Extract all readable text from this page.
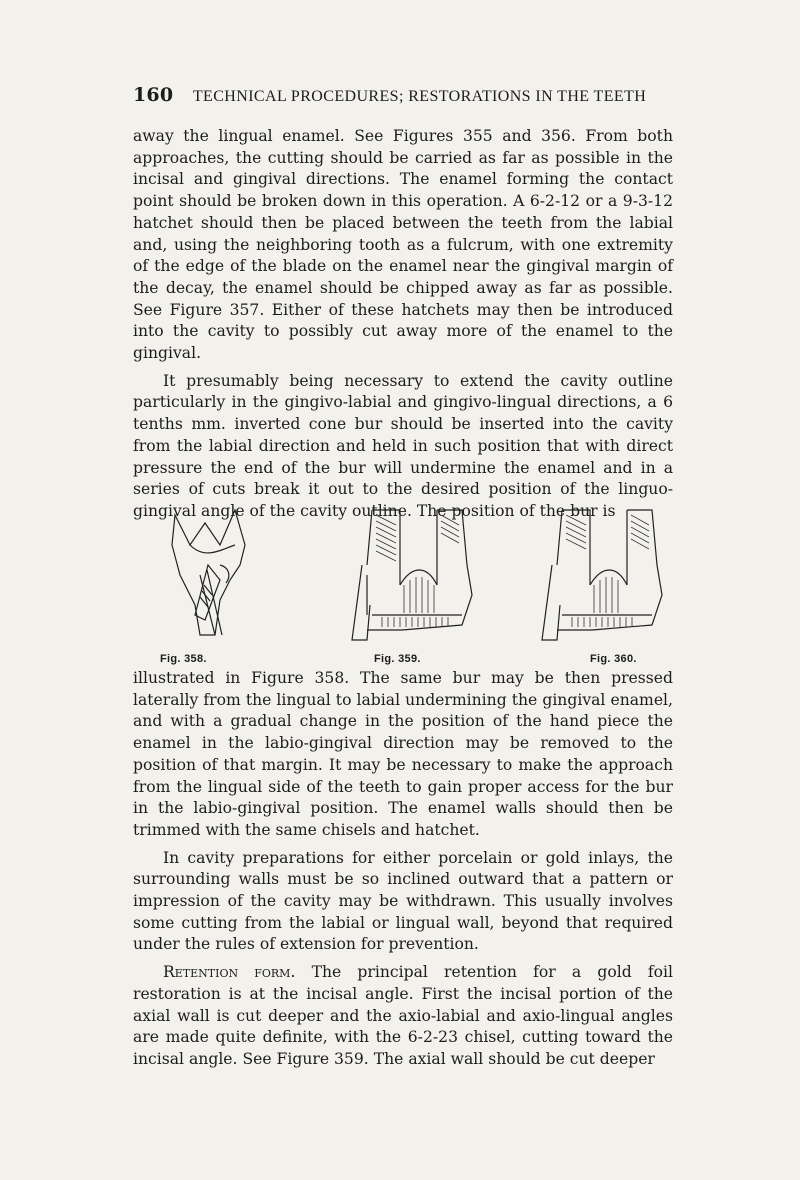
160 TECHNICAL PROCEDURES; RESTORATIONS IN THE TEETH

away the lingual enamel. See Figures 355 and 356. From both approaches, the cutting should be carried as far as possible in the incisal and gingival directions. The enamel forming the contact point should be broken down in this operation. A 6-2-12 or a 9-3-12 hatchet should then be placed between the teeth from the labial and, using the neighboring tooth as a fulcrum, with one extremity of the edge of the blade on the enamel near the gingival margin of the decay, the enamel should be chipped away as far as possible. See Figure 357. Either of these hatchets may then be introduced into the cavity to possibly cut away more of the enamel to the gingival.

It presumably being necessary to extend the cavity outline particularly in the gingivo-labial and gingivo-lingual directions, a 6 tenths mm. inverted cone bur should be inserted into the cavity from the labial direction and held in such position that with direct pressure the end of the bur will undermine the enamel and in a series of cuts break it out to the desired position of the linguo-gingival angle of the cavity outline. The position of the bur is

Fig. 358.	Fig. 359.	Fig. 360.

illustrated in Figure 358. The same bur may be then pressed laterally from the lingual to labial undermining the gingival enamel, and with a gradual change in the position of the hand piece the enamel in the labio-gingival direction may be removed to the position of that margin. It may be necessary to make the approach from the lingual side of the teeth to gain proper access for the bur in the labio-gingival position. The enamel walls should then be trimmed with the same chisels and hatchet.

In cavity preparations for either porcelain or gold inlays, the surrounding walls must be so inclined outward that a pattern or impression of the cavity may be withdrawn. This usually involves some cutting from the labial or lingual wall, beyond that required under the rules of extension for prevention.

Retention form. The principal retention for a gold foil restoration is at the incisal angle. First the incisal portion of the axial wall is cut deeper and the axio-labial and axio-lingual angles are made quite definite, with the 6-2-23 chisel, cutting toward the incisal angle. See Figure 359. The axial wall should be cut deeper
